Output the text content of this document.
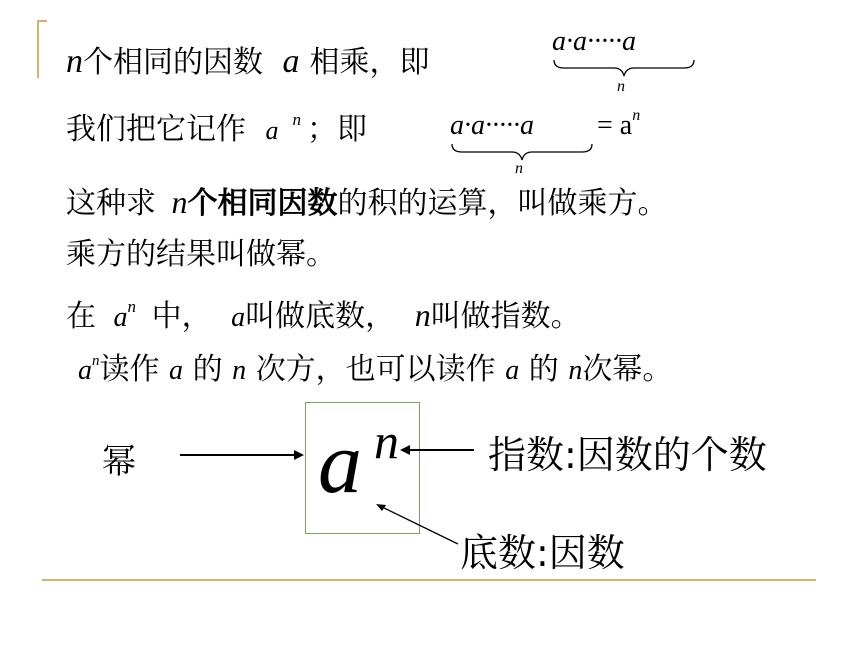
n个相同的因数 a 相乘，即
a·a·····a
n
我们把它记作 a $^n$ ；即	$a\cdot a\cdot\cdot\cdot\cdot\cdot a = a^n$
n
这种求 n个相同因数的积的运算，叫做乘方。
乘方的结果叫做幂。
在 $a^n$ 中， a叫做底数， n叫做指数。
$a^n$读作 a 的 n 次方，也可以读作 a 的 n次幂。
幂 a n 指数:因数的个数
底数:因数
